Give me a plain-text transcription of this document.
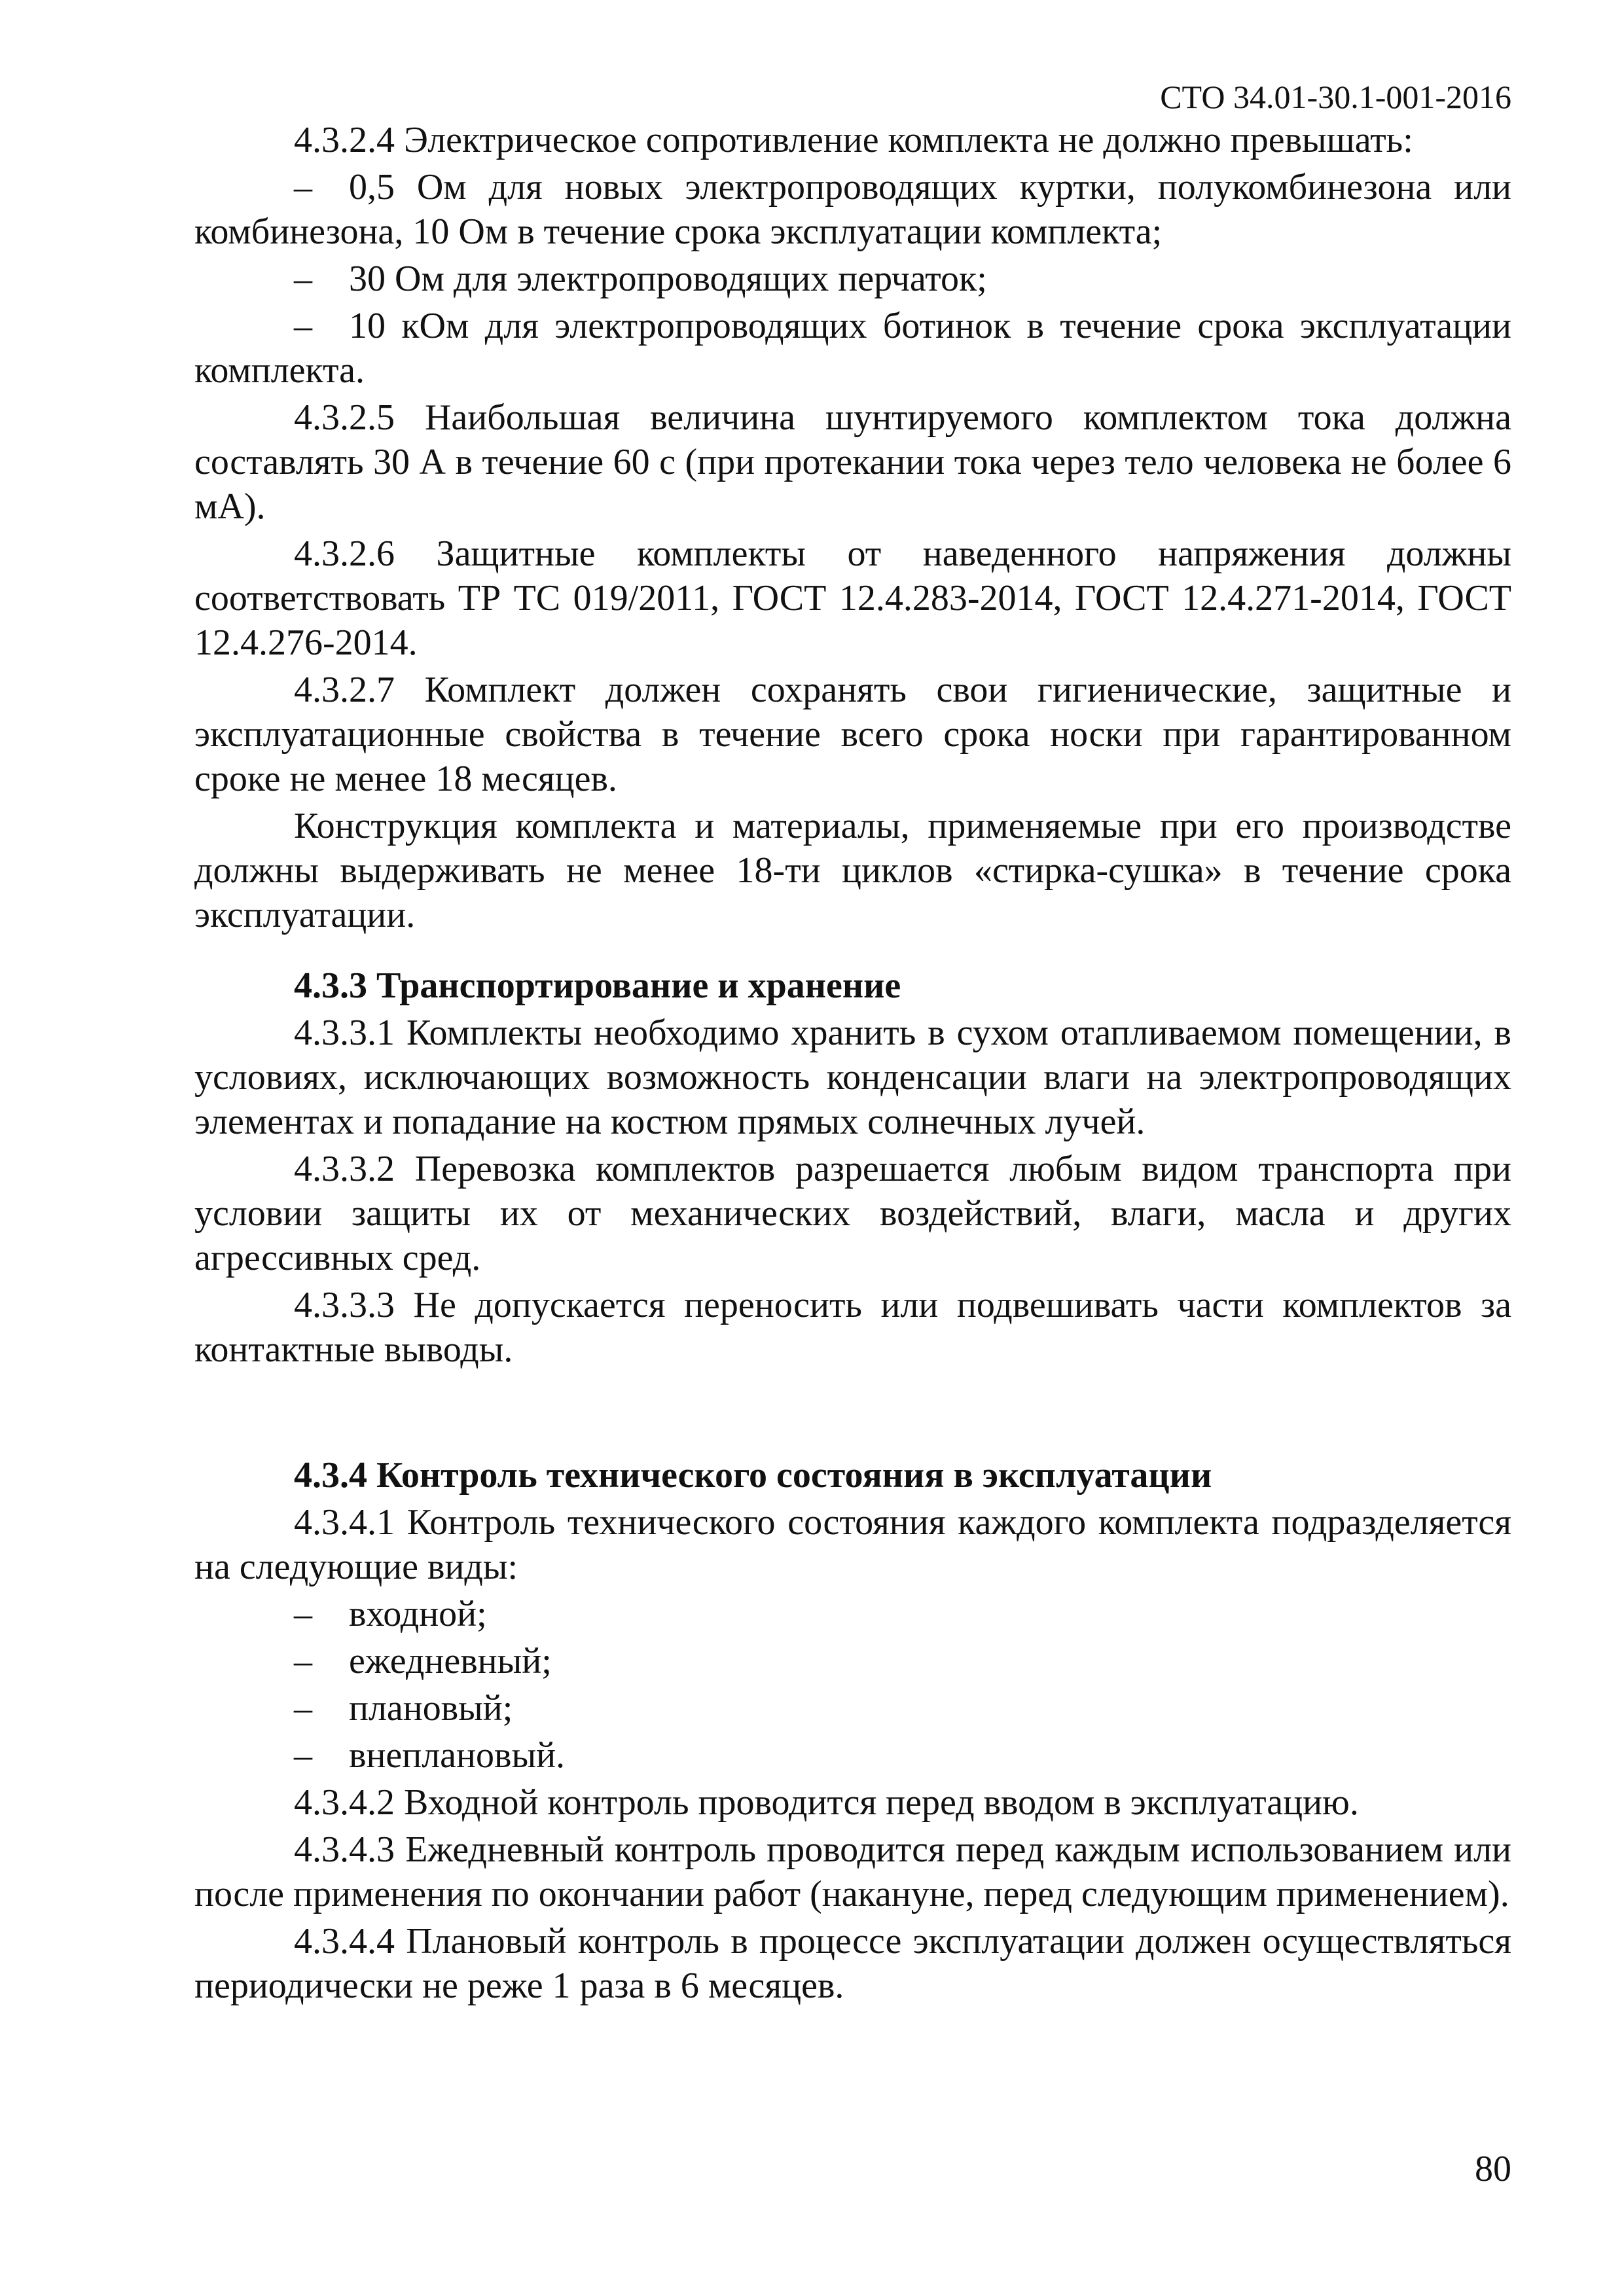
СТО 34.01-30.1-001-2016

4.3.2.4 Электрическое сопротивление комплекта не должно превышать:

– 0,5 Ом для новых электропроводящих куртки, полукомбинезона или комбинезона, 10 Ом в течение срока эксплуатации комплекта;

– 30 Ом для электропроводящих перчаток;

– 10 кОм для электропроводящих ботинок в течение срока эксплуатации комплекта.

4.3.2.5 Наибольшая величина шунтируемого комплектом тока должна составлять 30 А в течение 60 с (при протекании тока через тело человека не более 6 мА).

4.3.2.6 Защитные комплекты от наведенного напряжения должны соответствовать ТР ТС 019/2011, ГОСТ 12.4.283-2014, ГОСТ 12.4.271-2014, ГОСТ 12.4.276-2014.

4.3.2.7 Комплект должен сохранять свои гигиенические, защитные и эксплуатационные свойства в течение всего срока носки при гарантированном сроке не менее 18 месяцев.

Конструкция комплекта и материалы, применяемые при его производстве должны выдерживать не менее 18-ти циклов «стирка-сушка» в течение срока эксплуатации.

4.3.3 Транспортирование и хранение

4.3.3.1 Комплекты необходимо хранить в сухом отапливаемом помещении, в условиях, исключающих возможность конденсации влаги на электропроводящих элементах и попадание на костюм прямых солнечных лучей.

4.3.3.2 Перевозка комплектов разрешается любым видом транспорта при условии защиты их от механических воздействий, влаги, масла и других агрессивных сред.

4.3.3.3 Не допускается переносить или подвешивать части комплектов за контактные выводы.

4.3.4 Контроль технического состояния в эксплуатации

4.3.4.1 Контроль технического состояния каждого комплекта подразделяется на следующие виды:

– входной;

– ежедневный;

– плановый;

– внеплановый.

4.3.4.2 Входной контроль проводится перед вводом в эксплуатацию.

4.3.4.3 Ежедневный контроль проводится перед каждым использованием или после применения по окончании работ (накануне, перед следующим применением).

4.3.4.4 Плановый контроль в процессе эксплуатации должен осуществляться периодически не реже 1 раза в 6 месяцев.

80
